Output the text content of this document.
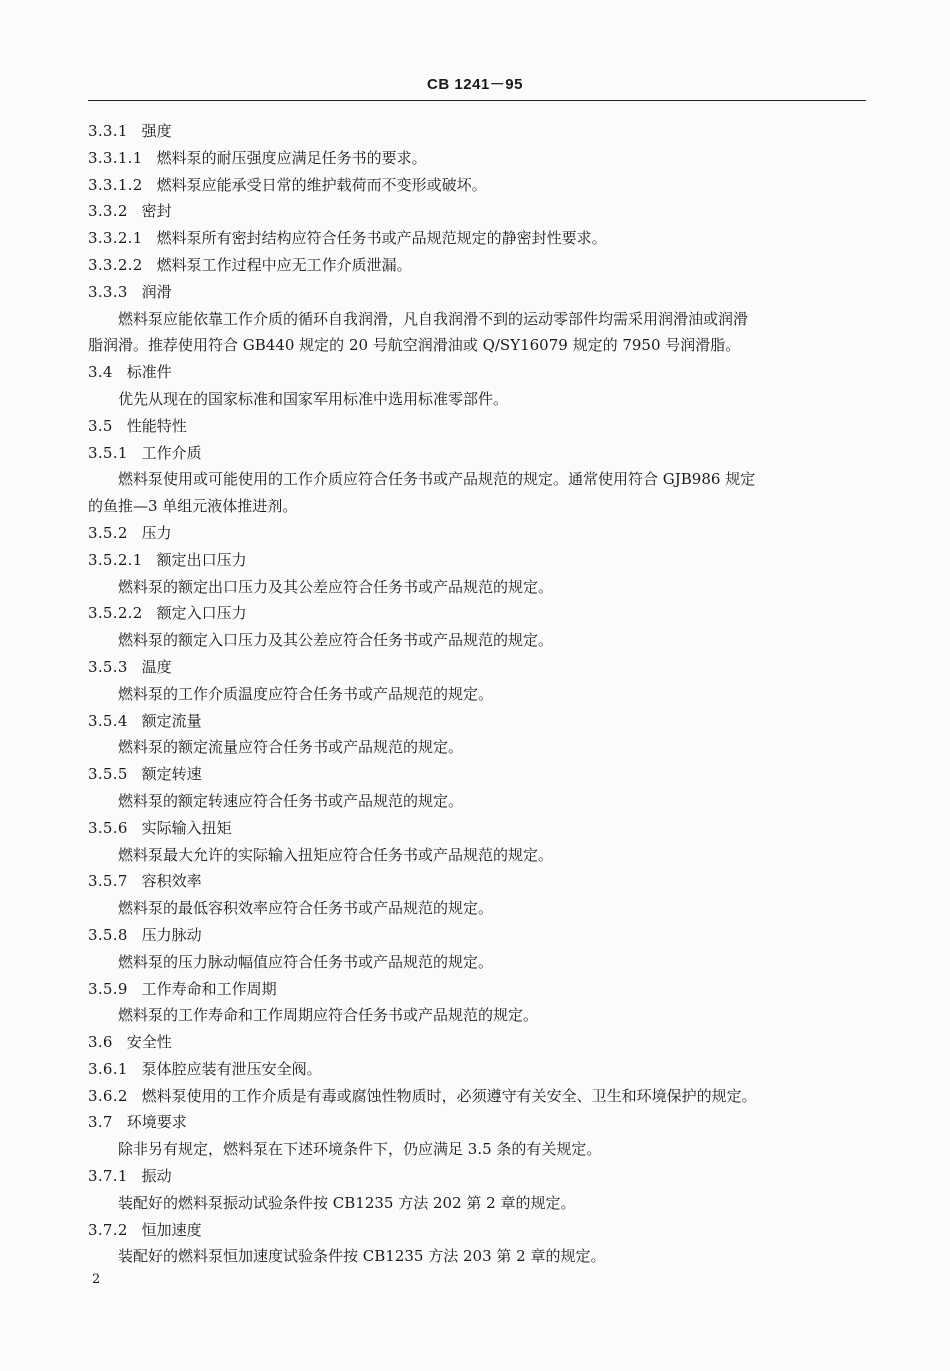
CB 1241－95
3.3.1 强度
3.3.1.1 燃料泵的耐压强度应满足任务书的要求。
3.3.1.2 燃料泵应能承受日常的维护载荷而不变形或破坏。
3.3.2 密封
3.3.2.1 燃料泵所有密封结构应符合任务书或产品规范规定的静密封性要求。
3.3.2.2 燃料泵工作过程中应无工作介质泄漏。
3.3.3 润滑
燃料泵应能依靠工作介质的循环自我润滑，凡自我润滑不到的运动零部件均需采用润滑油或润滑
脂润滑。推荐使用符合 GB440 规定的 20 号航空润滑油或 Q/SY16079 规定的 7950 号润滑脂。
3.4 标准件
优先从现在的国家标准和国家军用标准中选用标准零部件。
3.5 性能特性
3.5.1 工作介质
燃料泵使用或可能使用的工作介质应符合任务书或产品规范的规定。通常使用符合 GJB986 规定
的鱼推—3 单组元液体推进剂。
3.5.2 压力
3.5.2.1 额定出口压力
燃料泵的额定出口压力及其公差应符合任务书或产品规范的规定。
3.5.2.2 额定入口压力
燃料泵的额定入口压力及其公差应符合任务书或产品规范的规定。
3.5.3 温度
燃料泵的工作介质温度应符合任务书或产品规范的规定。
3.5.4 额定流量
燃料泵的额定流量应符合任务书或产品规范的规定。
3.5.5 额定转速
燃料泵的额定转速应符合任务书或产品规范的规定。
3.5.6 实际输入扭矩
燃料泵最大允许的实际输入扭矩应符合任务书或产品规范的规定。
3.5.7 容积效率
燃料泵的最低容积效率应符合任务书或产品规范的规定。
3.5.8 压力脉动
燃料泵的压力脉动幅值应符合任务书或产品规范的规定。
3.5.9 工作寿命和工作周期
燃料泵的工作寿命和工作周期应符合任务书或产品规范的规定。
3.6 安全性
3.6.1 泵体腔应装有泄压安全阀。
3.6.2 燃料泵使用的工作介质是有毒或腐蚀性物质时，必须遵守有关安全、卫生和环境保护的规定。
3.7 环境要求
除非另有规定，燃料泵在下述环境条件下，仍应满足 3.5 条的有关规定。
3.7.1 振动
装配好的燃料泵振动试验条件按 CB1235 方法 202 第 2 章的规定。
3.7.2 恒加速度
装配好的燃料泵恒加速度试验条件按 CB1235 方法 203 第 2 章的规定。
2
